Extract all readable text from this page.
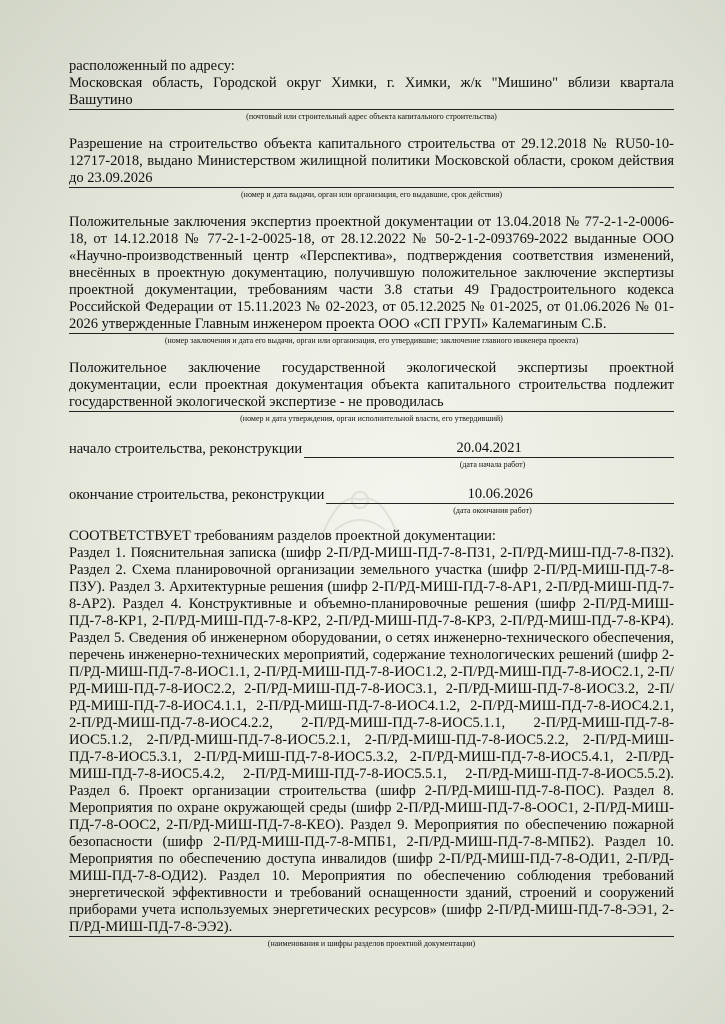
расположенный по адресу:
Московская область, Городской округ Химки, г. Химки, ж/к "Мишино" вблизи квартала Вашутино
(почтовый или строительный адрес объекта капитального строительства)
Разрешение на строительство объекта капитального строительства от 29.12.2018 № RU50-10-12717-2018, выдано Министерством жилищной политики Московской области, сроком действия до 23.09.2026
(номер и дата выдачи, орган или организация, его выдавшие, срок действия)
Положительные заключения экспертиз проектной документации от 13.04.2018 № 77-2-1-2-0006-18, от 14.12.2018 № 77-2-1-2-0025-18, от 28.12.2022 № 50-2-1-2-093769-2022 выданные ООО «Научно-производственный центр «Перспектива», подтверждения соответствия изменений, внесённых в проектную документацию, получившую положительное заключение экспертизы проектной документации, требованиям части 3.8 статьи 49 Градостроительного кодекса Российской Федерации от 15.11.2023 № 02-2023, от 05.12.2025 № 01-2025, от 01.06.2026 № 01-2026 утвержденные Главным инженером проекта ООО «СП ГРУП» Калемагиным С.Б.
(номер заключения и дата его выдачи, орган или организация, его утвердившие; заключение главного инженера проекта)
Положительное заключение государственной экологической экспертизы проектной документации, если проектная документация объекта капитального строительства подлежит государственной экологической экспертизе - не проводилась
(номер и дата утверждения, орган исполнительной власти, его утвердивший)
начало строительства, реконструкции	20.04.2021
(дата начала работ)
окончание строительства, реконструкции	10.06.2026
(дата окончания работ)
СООТВЕТСТВУЕТ требованиям разделов проектной документации:
Раздел 1. Пояснительная записка (шифр 2-П/РД-МИШ-ПД-7-8-ПЗ1, 2-П/РД-МИШ-ПД-7-8-ПЗ2). Раздел 2. Схема планировочной организации земельного участка (шифр 2-П/РД-МИШ-ПД-7-8-ПЗУ). Раздел 3. Архитектурные решения (шифр 2-П/РД-МИШ-ПД-7-8-АР1, 2-П/РД-МИШ-ПД-7-8-АР2). Раздел 4. Конструктивные и объемно-планировочные решения (шифр 2-П/РД-МИШ-ПД-7-8-КР1, 2-П/РД-МИШ-ПД-7-8-КР2, 2-П/РД-МИШ-ПД-7-8-КР3, 2-П/РД-МИШ-ПД-7-8-КР4). Раздел 5. Сведения об инженерном оборудовании, о сетях инженерно-технического обеспечения, перечень инженерно-технических мероприятий, содержание технологических решений (шифр 2-П/РД-МИШ-ПД-7-8-ИОС1.1, 2-П/РД-МИШ-ПД-7-8-ИОС1.2, 2-П/РД-МИШ-ПД-7-8-ИОС2.1, 2-П/РД-МИШ-ПД-7-8-ИОС2.2, 2-П/РД-МИШ-ПД-7-8-ИОС3.1, 2-П/РД-МИШ-ПД-7-8-ИОС3.2, 2-П/РД-МИШ-ПД-7-8-ИОС4.1.1, 2-П/РД-МИШ-ПД-7-8-ИОС4.1.2, 2-П/РД-МИШ-ПД-7-8-ИОС4.2.1, 2-П/РД-МИШ-ПД-7-8-ИОС4.2.2, 2-П/РД-МИШ-ПД-7-8-ИОС5.1.1, 2-П/РД-МИШ-ПД-7-8-ИОС5.1.2, 2-П/РД-МИШ-ПД-7-8-ИОС5.2.1, 2-П/РД-МИШ-ПД-7-8-ИОС5.2.2, 2-П/РД-МИШ-ПД-7-8-ИОС5.3.1, 2-П/РД-МИШ-ПД-7-8-ИОС5.3.2, 2-П/РД-МИШ-ПД-7-8-ИОС5.4.1, 2-П/РД-МИШ-ПД-7-8-ИОС5.4.2, 2-П/РД-МИШ-ПД-7-8-ИОС5.5.1, 2-П/РД-МИШ-ПД-7-8-ИОС5.5.2). Раздел 6. Проект организации строительства (шифр 2-П/РД-МИШ-ПД-7-8-ПОС). Раздел 8. Мероприятия по охране окружающей среды (шифр 2-П/РД-МИШ-ПД-7-8-ООС1, 2-П/РД-МИШ-ПД-7-8-ООС2, 2-П/РД-МИШ-ПД-7-8-КЕО). Раздел 9. Мероприятия по обеспечению пожарной безопасности (шифр 2-П/РД-МИШ-ПД-7-8-МПБ1, 2-П/РД-МИШ-ПД-7-8-МПБ2). Раздел 10. Мероприятия по обеспечению доступа инвалидов (шифр 2-П/РД-МИШ-ПД-7-8-ОДИ1, 2-П/РД-МИШ-ПД-7-8-ОДИ2). Раздел 10. Мероприятия по обеспечению соблюдения требований энергетической эффективности и требований оснащенности зданий, строений и сооружений приборами учета используемых энергетических ресурсов» (шифр 2-П/РД-МИШ-ПД-7-8-ЭЭ1, 2-П/РД-МИШ-ПД-7-8-ЭЭ2).
(наименования и шифры разделов проектной документации)
